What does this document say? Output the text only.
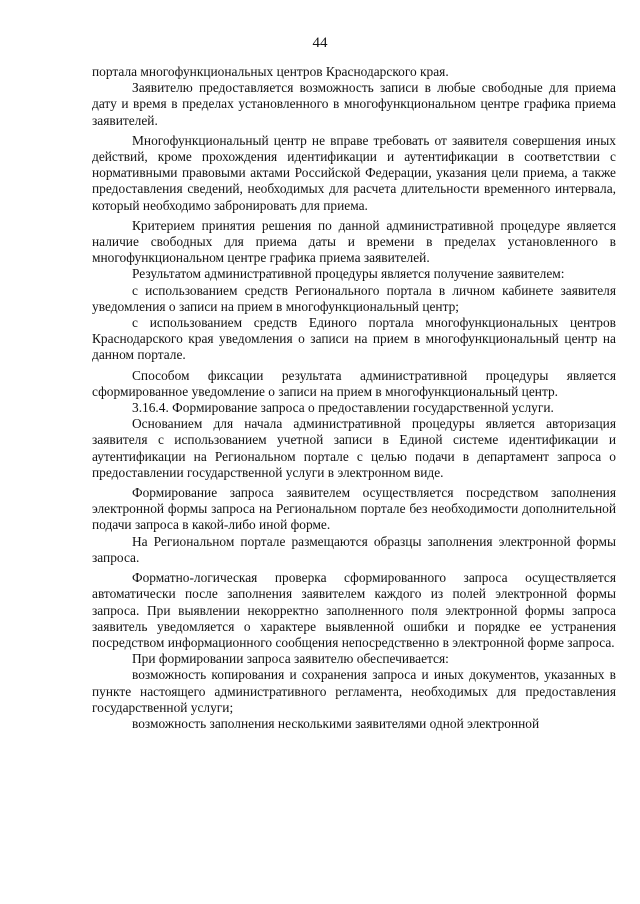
44

портала многофункциональных центров Краснодарского края.

Заявителю предоставляется возможность записи в любые свободные для приема дату и время в пределах установленного в многофункциональном центре графика приема заявителей.

Многофункциональный центр не вправе требовать от заявителя совершения иных действий, кроме прохождения идентификации и аутентификации в соответствии с нормативными правовыми актами Российской Федерации, указания цели приема, а также предоставления сведений, необходимых для расчета длительности временного интервала, который необходимо забронировать для приема.

Критерием принятия решения по данной административной процедуре является наличие свободных для приема даты и времени в пределах установленного в многофункциональном центре графика приема заявителей.

Результатом административной процедуры является получение заявителем:

с использованием средств Регионального портала в личном кабинете заявителя уведомления о записи на прием в многофункциональный центр;

с использованием средств Единого портала многофункциональных центров Краснодарского края уведомления о записи на прием в многофункциональный центр на данном портале.

Способом фиксации результата административной процедуры является сформированное уведомление о записи на прием в многофункциональный центр.

3.16.4. Формирование запроса о предоставлении государственной услуги.

Основанием для начала административной процедуры является авторизация заявителя с использованием учетной записи в Единой системе идентификации и аутентификации на Региональном портале с целью подачи в департамент запроса о предоставлении государственной услуги в электронном виде.

Формирование запроса заявителем осуществляется посредством заполнения электронной формы запроса на Региональном портале без необходимости дополнительной подачи запроса в какой-либо иной форме.

На Региональном портале размещаются образцы заполнения электронной формы запроса.

Форматно-логическая проверка сформированного запроса осуществляется автоматически после заполнения заявителем каждого из полей электронной формы запроса. При выявлении некорректно заполненного поля электронной формы запроса заявитель уведомляется о характере выявленной ошибки и порядке ее устранения посредством информационного сообщения непосредственно в электронной форме запроса.

При формировании запроса заявителю обеспечивается:

возможность копирования и сохранения запроса и иных документов, указанных в пункте настоящего административного регламента, необходимых для предоставления государственной услуги;

возможность заполнения несколькими заявителями одной электронной
